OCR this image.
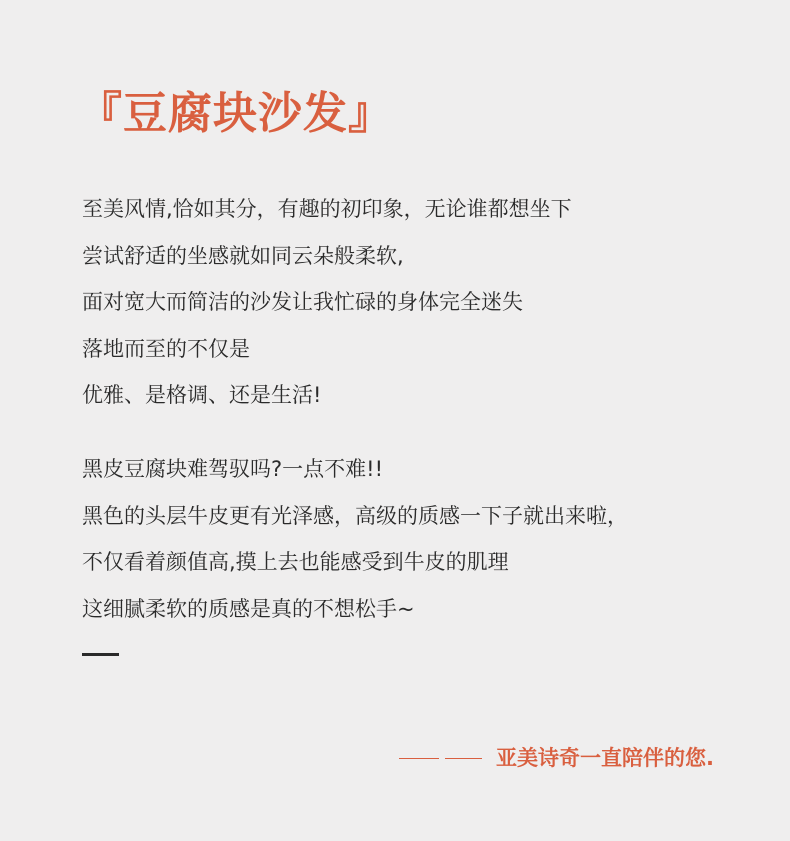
『豆腐块沙发』
至美风情,恰如其分，有趣的初印象，无论谁都想坐下
尝试舒适的坐感就如同云朵般柔软,
面对宽大而简洁的沙发让我忙碌的身体完全迷失
落地而至的不仅是
优雅、是格调、还是生活!
黑皮豆腐块难驾驭吗?一点不难!!
黑色的头层牛皮更有光泽感，高级的质感一下子就出来啦，
不仅看着颜值高,摸上去也能感受到牛皮的肌理
这细腻柔软的质感是真的不想松手~
亚美诗奇一直陪伴的您.
